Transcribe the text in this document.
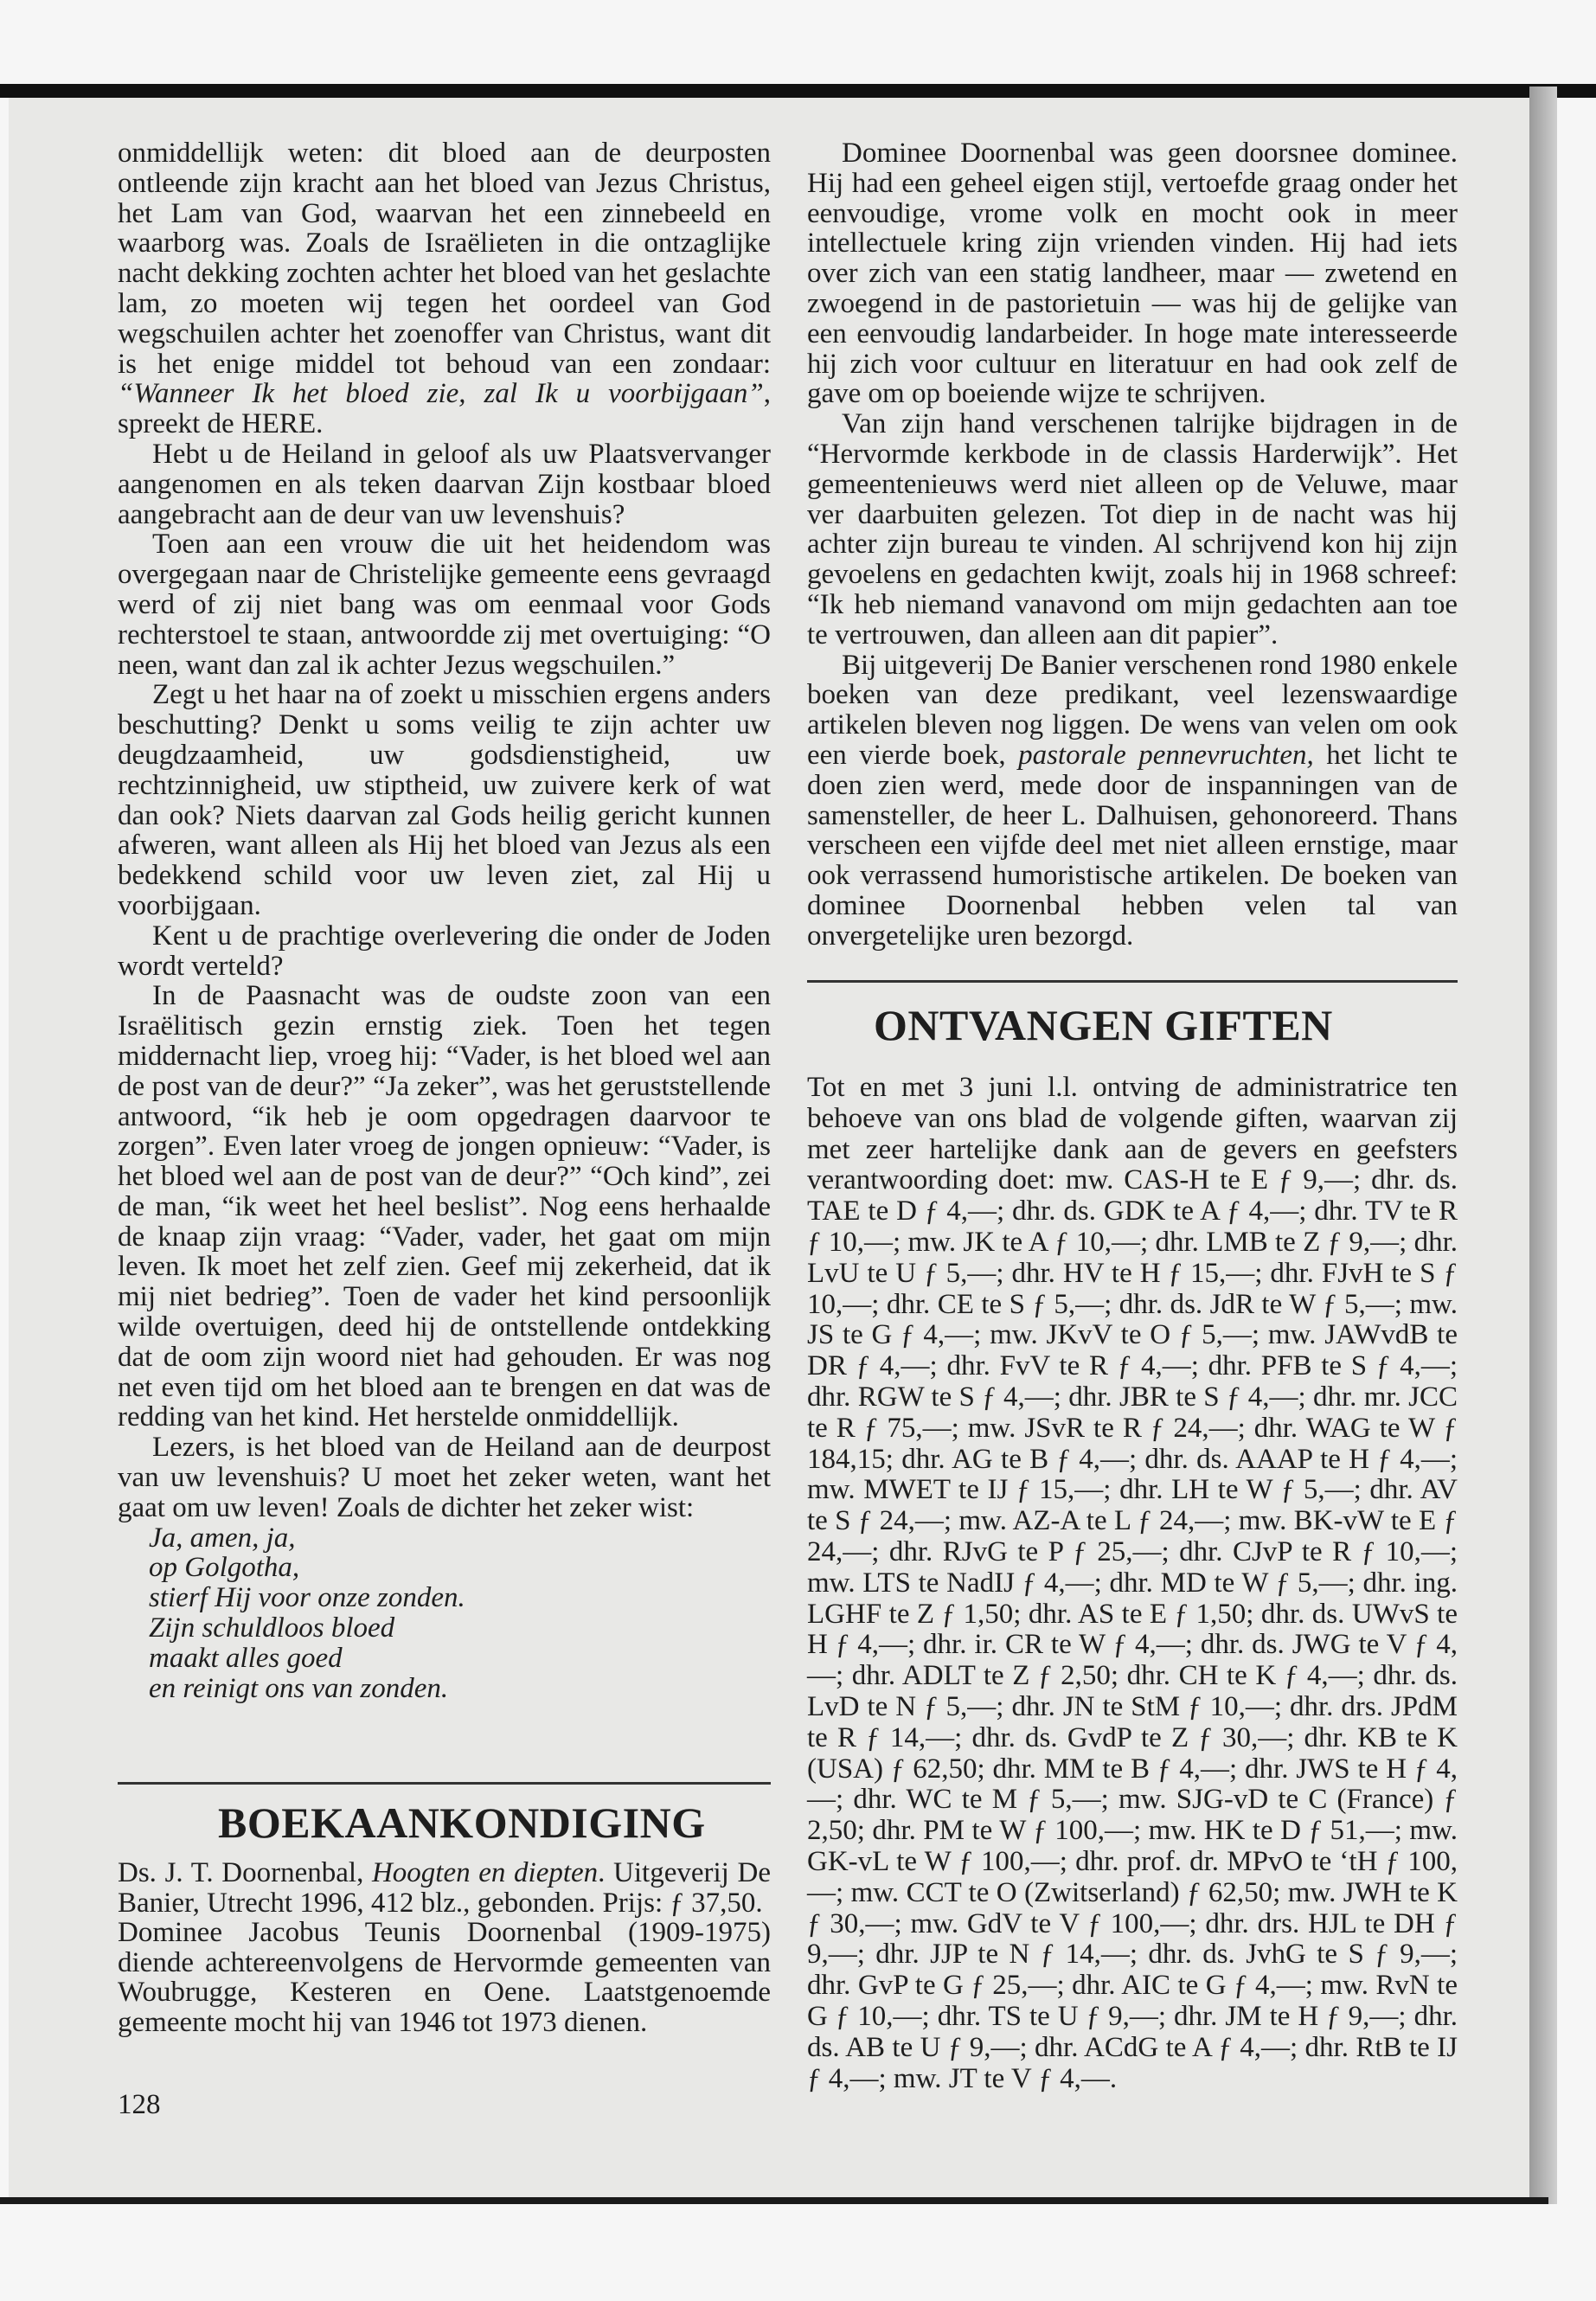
onmiddellijk weten: dit bloed aan de deurposten ontleende zijn kracht aan het bloed van Jezus Christus, het Lam van God, waarvan het een zinnebeeld en waarborg was. Zoals de Israëlieten in die ontzaglijke nacht dekking zochten achter het bloed van het geslachte lam, zo moeten wij tegen het oordeel van God wegschuilen achter het zoenoffer van Christus, want dit is het enige middel tot behoud van een zondaar: “Wanneer Ik het bloed zie, zal Ik u voorbijgaan”, spreekt de HERE.

Hebt u de Heiland in geloof als uw Plaatsvervanger aangenomen en als teken daarvan Zijn kostbaar bloed aangebracht aan de deur van uw levenshuis?

Toen aan een vrouw die uit het heidendom was overgegaan naar de Christelijke gemeente eens gevraagd werd of zij niet bang was om eenmaal voor Gods rechterstoel te staan, antwoordde zij met overtuiging: “O neen, want dan zal ik achter Jezus wegschuilen.”

Zegt u het haar na of zoekt u misschien ergens anders beschutting? Denkt u soms veilig te zijn achter uw deugdzaamheid, uw godsdienstigheid, uw rechtzinnigheid, uw stiptheid, uw zuivere kerk of wat dan ook? Niets daarvan zal Gods heilig gericht kunnen afweren, want alleen als Hij het bloed van Jezus als een bedekkend schild voor uw leven ziet, zal Hij u voorbijgaan.

Kent u de prachtige overlevering die onder de Joden wordt verteld?

In de Paasnacht was de oudste zoon van een Israëlitisch gezin ernstig ziek. Toen het tegen middernacht liep, vroeg hij: “Vader, is het bloed wel aan de post van de deur?” “Ja zeker”, was het geruststellende antwoord, “ik heb je oom opgedragen daarvoor te zorgen”. Even later vroeg de jongen opnieuw: “Vader, is het bloed wel aan de post van de deur?” “Och kind”, zei de man, “ik weet het heel beslist”. Nog eens herhaalde de knaap zijn vraag: “Vader, vader, het gaat om mijn leven. Ik moet het zelf zien. Geef mij zekerheid, dat ik mij niet bedrieg”. Toen de vader het kind persoonlijk wilde overtuigen, deed hij de ontstellende ontdekking dat de oom zijn woord niet had gehouden. Er was nog net even tijd om het bloed aan te brengen en dat was de redding van het kind. Het herstelde onmiddellijk.

Lezers, is het bloed van de Heiland aan de deurpost van uw levenshuis? U moet het zeker weten, want het gaat om uw leven! Zoals de dichter het zeker wist:

Ja, amen, ja,
op Golgotha,
stierf Hij voor onze zonden.
Zijn schuldloos bloed
maakt alles goed
en reinigt ons van zonden.
BOEKAANKONDIGING

Ds. J. T. Doornenbal, Hoogten en diepten. Uitgeverij De Banier, Utrecht 1996, 412 blz., gebonden. Prijs: ƒ 37,50.

Dominee Jacobus Teunis Doornenbal (1909-1975) diende achtereenvolgens de Hervormde gemeenten van Woubrugge, Kesteren en Oene. Laatstgenoemde gemeente mocht hij van 1946 tot 1973 dienen.

Dominee Doornenbal was geen doorsnee dominee. Hij had een geheel eigen stijl, vertoefde graag onder het eenvoudige, vrome volk en mocht ook in meer intellectuele kring zijn vrienden vinden. Hij had iets over zich van een statig landheer, maar — zwetend en zwoegend in de pastorietuin — was hij de gelijke van een eenvoudig landarbeider. In hoge mate interesseerde hij zich voor cultuur en literatuur en had ook zelf de gave om op boeiende wijze te schrijven.

Van zijn hand verschenen talrijke bijdragen in de “Hervormde kerkbode in de classis Harderwijk”. Het gemeentenieuws werd niet alleen op de Veluwe, maar ver daarbuiten gelezen. Tot diep in de nacht was hij achter zijn bureau te vinden. Al schrijvend kon hij zijn gevoelens en gedachten kwijt, zoals hij in 1968 schreef: “Ik heb niemand vanavond om mijn gedachten aan toe te vertrouwen, dan alleen aan dit papier”.

Bij uitgeverij De Banier verschenen rond 1980 enkele boeken van deze predikant, veel lezenswaardige artikelen bleven nog liggen. De wens van velen om ook een vierde boek, pastorale pennevruchten, het licht te doen zien werd, mede door de inspanningen van de samensteller, de heer L. Dalhuisen, gehonoreerd. Thans verscheen een vijfde deel met niet alleen ernstige, maar ook verrassend humoristische artikelen. De boeken van dominee Doornenbal hebben velen tal van onvergetelijke uren bezorgd.

ONTVANGEN GIFTEN

Tot en met 3 juni l.l. ontving de administratrice ten behoeve van ons blad de volgende giften, waarvan zij met zeer hartelijke dank aan de gevers en geefsters verantwoording doet: mw. CAS-H te E ƒ 9,—; dhr. ds. TAE te D ƒ 4,—; dhr. ds. GDK te A ƒ 4,—; dhr. TV te R ƒ 10,—; mw. JK te A ƒ 10,—; dhr. LMB te Z ƒ 9,—; dhr. LvU te U ƒ 5,—; dhr. HV te H ƒ 15,—; dhr. FJvH te S ƒ 10,—; dhr. CE te S ƒ 5,—; dhr. ds. JdR te W ƒ 5,—; mw. JS te G ƒ 4,—; mw. JKvV te O ƒ 5,—; mw. JAWvdB te DR ƒ 4,—; dhr. FvV te R ƒ 4,—; dhr. PFB te S ƒ 4,—; dhr. RGW te S ƒ 4,—; dhr. JBR te S ƒ 4,—; dhr. mr. JCC te R ƒ 75,—; mw. JSvR te R ƒ 24,—; dhr. WAG te W ƒ 184,15; dhr. AG te B ƒ 4,—; dhr. ds. AAAP te H ƒ 4,—; mw. MWET te IJ ƒ 15,—; dhr. LH te W ƒ 5,—; dhr. AV te S ƒ 24,—; mw. AZ-A te L ƒ 24,—; mw. BK-vW te E ƒ 24,—; dhr. RJvG te P ƒ 25,—; dhr. CJvP te R ƒ 10,—; mw. LTS te NadIJ ƒ 4,—; dhr. MD te W ƒ 5,—; dhr. ing. LGHF te Z ƒ 1,50; dhr. AS te E ƒ 1,50; dhr. ds. UWvS te H ƒ 4,—; dhr. ir. CR te W ƒ 4,—; dhr. ds. JWG te V ƒ 4,—; dhr. ADLT te Z ƒ 2,50; dhr. CH te K ƒ 4,—; dhr. ds. LvD te N ƒ 5,—; dhr. JN te StM ƒ 10,—; dhr. drs. JPdM te R ƒ 14,—; dhr. ds. GvdP te Z ƒ 30,—; dhr. KB te K (USA) ƒ 62,50; dhr. MM te B ƒ 4,—; dhr. JWS te H ƒ 4,—; dhr. WC te M ƒ 5,—; mw. SJG-vD te C (France) ƒ 2,50; dhr. PM te W ƒ 100,—; mw. HK te D ƒ 51,—; mw. GK-vL te W ƒ 100,—; dhr. prof. dr. MPvO te ‘tH ƒ 100,—; mw. CCT te O (Zwitserland) ƒ 62,50; mw. JWH te K ƒ 30,—; mw. GdV te V ƒ 100,—; dhr. drs. HJL te DH ƒ 9,—; dhr. JJP te N ƒ 14,—; dhr. ds. JvhG te S ƒ 9,—; dhr. GvP te G ƒ 25,—; dhr. AIC te G ƒ 4,—; mw. RvN te G ƒ 10,—; dhr. TS te U ƒ 9,—; dhr. JM te H ƒ 9,—; dhr. ds. AB te U ƒ 9,—; dhr. ACdG te A ƒ 4,—; dhr. RtB te IJ ƒ 4,—; mw. JT te V ƒ 4,—.

128
